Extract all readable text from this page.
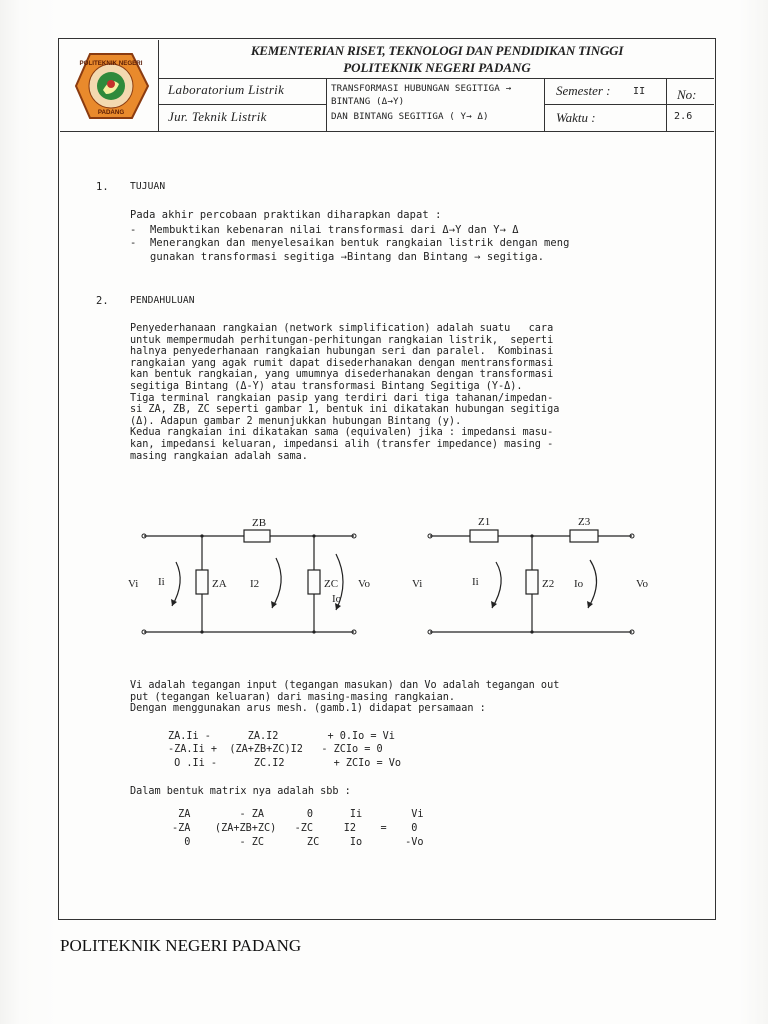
POLITEKNIK NEGERI
PADANG
KEMENTERIAN RISET, TEKNOLOGI DAN PENDIDIKAN TINGGI
POLITEKNIK NEGERI PADANG
Laboratorium Listrik
Jur. Teknik Listrik
TRANSFORMASI HUBUNGAN SEGITIGA →
BINTANG (Δ→Y)
DAN BINTANG SEGITIGA ( Y→ Δ)
Semester : II
Waktu :
No:
2.6
1. TUJUAN
Pada akhir percobaan praktikan diharapkan dapat :
- Membuktikan kebenaran nilai transformasi dari Δ→Y dan Y→ Δ
- Menerangkan dan menyelesaikan bentuk rangkaian listrik dengan meng
gunakan transformasi segitiga →Bintang dan Bintang → segitiga.
2. PENDAHULUAN
Penyederhanaan rangkaian (network simplification) adalah suatu   cara
untuk mempermudah perhitungan-perhitungan rangkaian listrik,  seperti
halnya penyederhanaan rangkaian hubungan seri dan paralel.  Kombinasi
rangkaian yang agak rumit dapat disederhanakan dengan mentransformasi
kan bentuk rangkaian, yang umumnya disederhanakan dengan transformasi
segitiga Bintang (Δ-Y) atau transformasi Bintang Segitiga (Y-Δ).
Tiga terminal rangkaian pasip yang terdiri dari tiga tahanan/impedan-
si ZA, ZB, ZC seperti gambar 1, bentuk ini dikatakan hubungan segitiga
(Δ). Adapun gambar 2 menunjukkan hubungan Bintang (y).
Kedua rangkaian ini dikatakan sama (equivalen) jika : impedansi masu-
kan, impedansi keluaran, impedansi alih (transfer impedance) masing -
masing rangkaian adalah sama.
ZB
ZA	ZC
Vi	Vo
Ii	I2
Io
Z1	Z3
Z2
Vi	Vo
Ii	Io
Vi adalah tegangan input (tegangan masukan) dan Vo adalah tegangan out
put (tegangan keluaran) dari masing-masing rangkaian.
Dengan menggunakan arus mesh. (gamb.1) didapat persamaan :
ZA.Ii -      ZA.I2        + 0.Io = Vi
-ZA.Ii +  (ZA+ZB+ZC)I2   - ZCIo = 0
O .Ii -      ZC.I2        + ZCIo = Vo
Dalam bentuk matrix nya adalah sbb :
ZA        - ZA       0      Ii        Vi
-ZA    (ZA+ZB+ZC)   -ZC     I2    =    0
0        - ZC       ZC     Io       -Vo
POLITEKNIK NEGERI PADANG
